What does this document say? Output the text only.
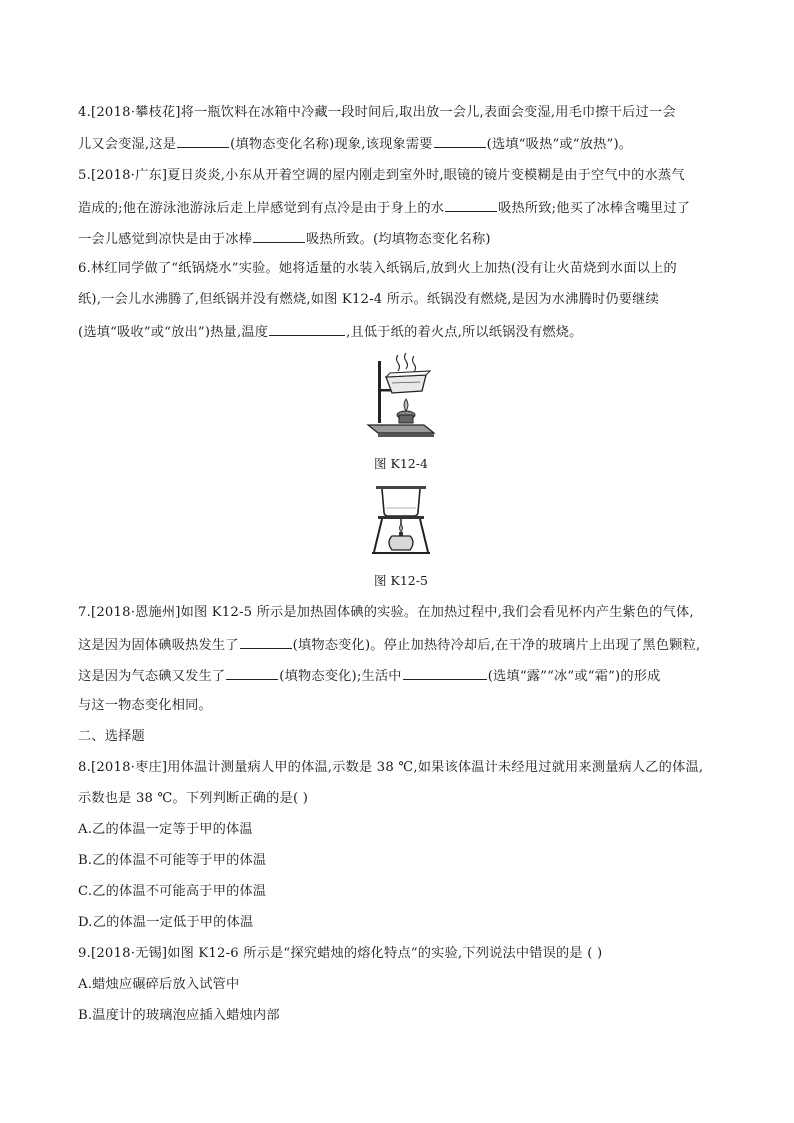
4.[2018·攀枝花]将一瓶饮料在冰箱中冷藏一段时间后,取出放一会儿,表面会变湿,用毛巾擦干后过一会
儿又会变湿,这是	(填物态变化名称)现象,该现象需要	(选填“吸热”或“放热”)。
5.[2018·广东]夏日炎炎,小东从开着空调的屋内刚走到室外时,眼镜的镜片变模糊是由于空气中的水蒸气
造成的;他在游泳池游泳后走上岸感觉到有点冷是由于身上的水	吸热所致;他买了冰棒含嘴里过了
一会儿感觉到凉快是由于冰棒	吸热所致。(均填物态变化名称)
6.林红同学做了“纸锅烧水”实验。她将适量的水装入纸锅后,放到火上加热(没有让火苗烧到水面以上的
纸),一会儿水沸腾了,但纸锅并没有燃烧,如图 K12-4 所示。纸锅没有燃烧,是因为水沸腾时仍要继续
(选填“吸收”或“放出”)热量,温度	,且低于纸的着火点,所以纸锅没有燃烧。
图 K12-4
图 K12-5
7.[2018·恩施州]如图 K12-5 所示是加热固体碘的实验。在加热过程中,我们会看见杯内产生紫色的气体,
这是因为固体碘吸热发生了	(填物态变化)。停止加热待冷却后,在干净的玻璃片上出现了黑色颗粒,
这是因为气态碘又发生了	(填物态变化);生活中	(选填“露”“冰”或“霜”)的形成
与这一物态变化相同。
二、选择题
8.[2018·枣庄]用体温计测量病人甲的体温,示数是 38 ℃,如果该体温计未经甩过就用来测量病人乙的体温,
示数也是 38 ℃。下列判断正确的是( )
A.乙的体温一定等于甲的体温
B.乙的体温不可能等于甲的体温
C.乙的体温不可能高于甲的体温
D.乙的体温一定低于甲的体温
9.[2018·无锡]如图 K12-6 所示是“探究蜡烛的熔化特点”的实验,下列说法中错误的是 ( )
A.蜡烛应碾碎后放入试管中
B.温度计的玻璃泡应插入蜡烛内部
